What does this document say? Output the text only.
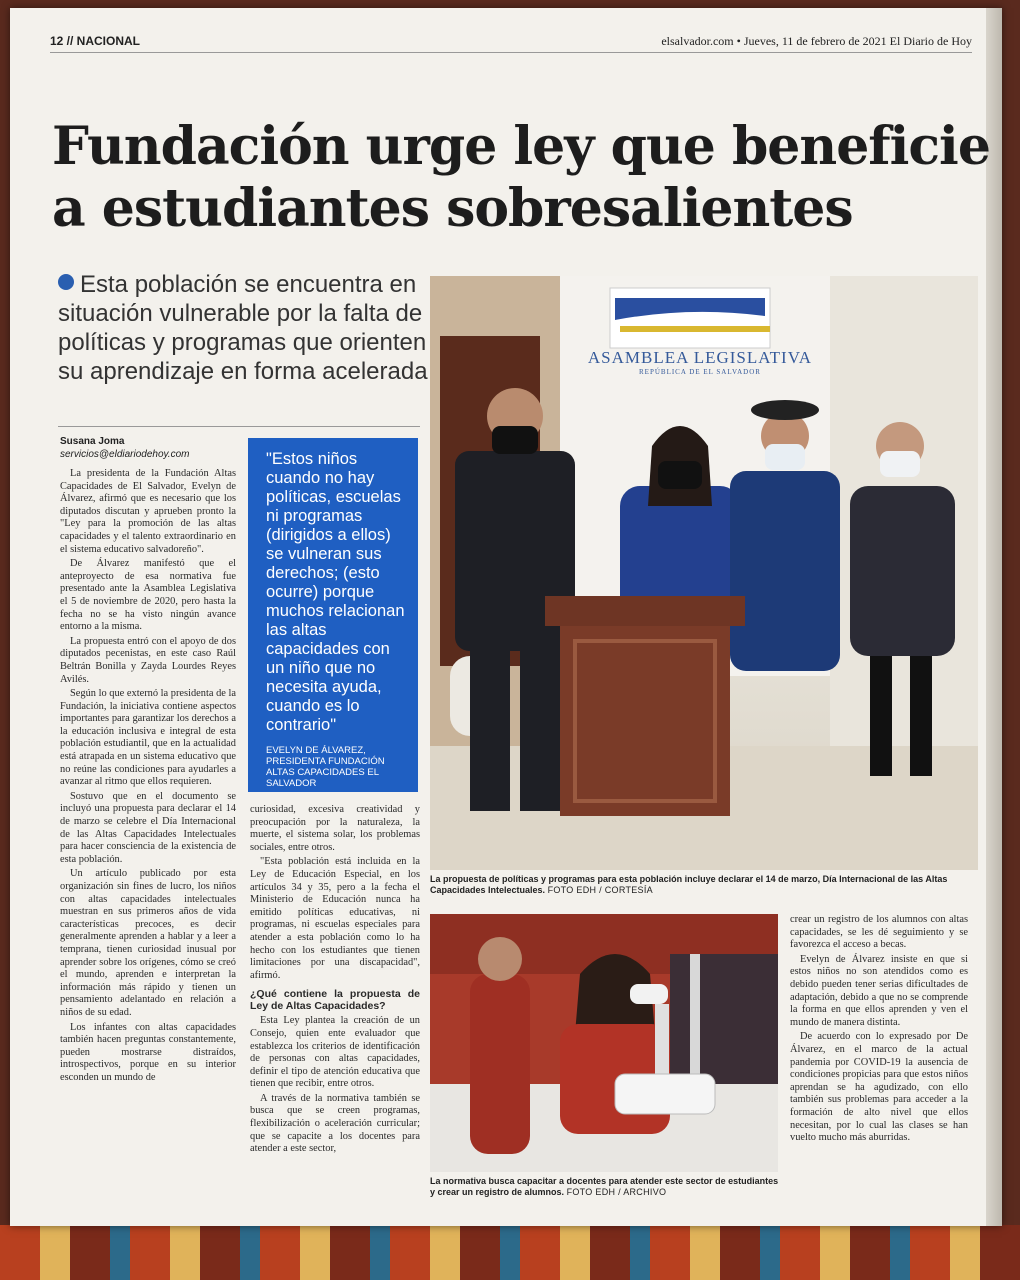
12 // NACIONAL	elsalvador.com • Jueves, 11 de febrero de 2021 El Diario de Hoy
Fundación urge ley que beneficie a estudiantes sobresalientes

Esta población se encuentra en situación vulnerable por la falta de políticas y programas que orienten su aprendizaje en forma acelerada

Susana Joma
servicios@eldiariodehoy.com

La presidenta de la Fundación Altas Capacidades de El Salvador, Evelyn de Álvarez, afirmó que es necesario que los diputados discutan y aprueben pronto la "Ley para la promoción de las altas capacidades y el talento extraordinario en el sistema educativo salvadoreño".

De Álvarez manifestó que el anteproyecto de esa normativa fue presentado ante la Asamblea Legislativa el 5 de noviembre de 2020, pero hasta la fecha no se ha visto ningún avance entorno a la misma.

La propuesta entró con el apoyo de dos diputados pecenistas, en este caso Raúl Beltrán Bonilla y Zayda Lourdes Reyes Avilés.

Según lo que externó la presidenta de la Fundación, la iniciativa contiene aspectos importantes para garantizar los derechos a la educación inclusiva e integral de esta población estudiantil, que en la actualidad está atrapada en un sistema educativo que no reúne las condiciones para ayudarles a avanzar al ritmo que ellos requieren.

Sostuvo que en el documento se incluyó una propuesta para declarar el 14 de marzo se celebre el Día Internacional de las Altas Capacidades Intelectuales para hacer consciencia de la existencia de esta población.

Un artículo publicado por esta organización sin fines de lucro, los niños con altas capacidades intelectuales muestran en sus primeros años de vida características precoces, es decir generalmente aprenden a hablar y a leer a temprana, tienen curiosidad inusual por aprender sobre los orígenes, cómo se creó el mundo, aprenden e interpretan la información más rápido y tienen un pensamiento adelantado en relación a niños de su edad.

Los infantes con altas capacidades también hacen preguntas constantemente, pueden mostrarse distraídos, introspectivos, porque en su interior esconden un mundo de

"Estos niños cuando no hay políticas, escuelas ni programas (dirigidos a ellos) se vulneran sus derechos; (esto ocurre) porque muchos relacionan las altas capacidades con un niño que no necesita ayuda, cuando es lo contrario"
EVELYN DE ÁLVAREZ,
PRESIDENTA FUNDACIÓN ALTAS CAPACIDADES EL SALVADOR

curiosidad, excesiva creatividad y preocupación por la naturaleza, la muerte, el sistema solar, los problemas sociales, entre otros.

"Esta población está incluida en la Ley de Educación Especial, en los artículos 34 y 35, pero a la fecha el Ministerio de Educación nunca ha emitido políticas educativas, ni programas, ni escuelas especiales para atender a esta población como lo ha hecho con los estudiantes que tienen limitaciones por una discapacidad", afirmó.

¿Qué contiene la propuesta de Ley de Altas Capacidades?

Esta Ley plantea la creación de un Consejo, quien ente evaluador que establezca los criterios de identificación de personas con altas capacidades, definir el tipo de atención educativa que tienen que recibir, entre otros.

A través de la normativa también se busca que se creen programas, flexibilización o aceleración curricular; que se capacite a los docentes para atender a este sector,

ASAMBLEA LEGISLATIVA
REPÚBLICA DE EL SALVADOR
La propuesta de políticas y programas para esta población incluye declarar el 14 de marzo, Día Internacional de las Altas Capacidades Intelectuales. FOTO EDH / CORTESÍA
La normativa busca capacitar a docentes para atender este sector de estudiantes y crear un registro de alumnos. FOTO EDH / ARCHIVO

crear un registro de los alumnos con altas capacidades, se les dé seguimiento y se favorezca el acceso a becas.

Evelyn de Álvarez insiste en que si estos niños no son atendidos como es debido pueden tener serias dificultades de adaptación, debido a que no se comprende la forma en que ellos aprenden y ven el mundo de manera distinta.

De acuerdo con lo expresado por De Álvarez, en el marco de la actual pandemia por COVID-19 la ausencia de condiciones propicias para que estos niños aprendan se ha agudizado, con ello también sus problemas para acceder a la formación de alto nivel que ellos necesitan, por lo cual las clases se han vuelto mucho más aburridas.
